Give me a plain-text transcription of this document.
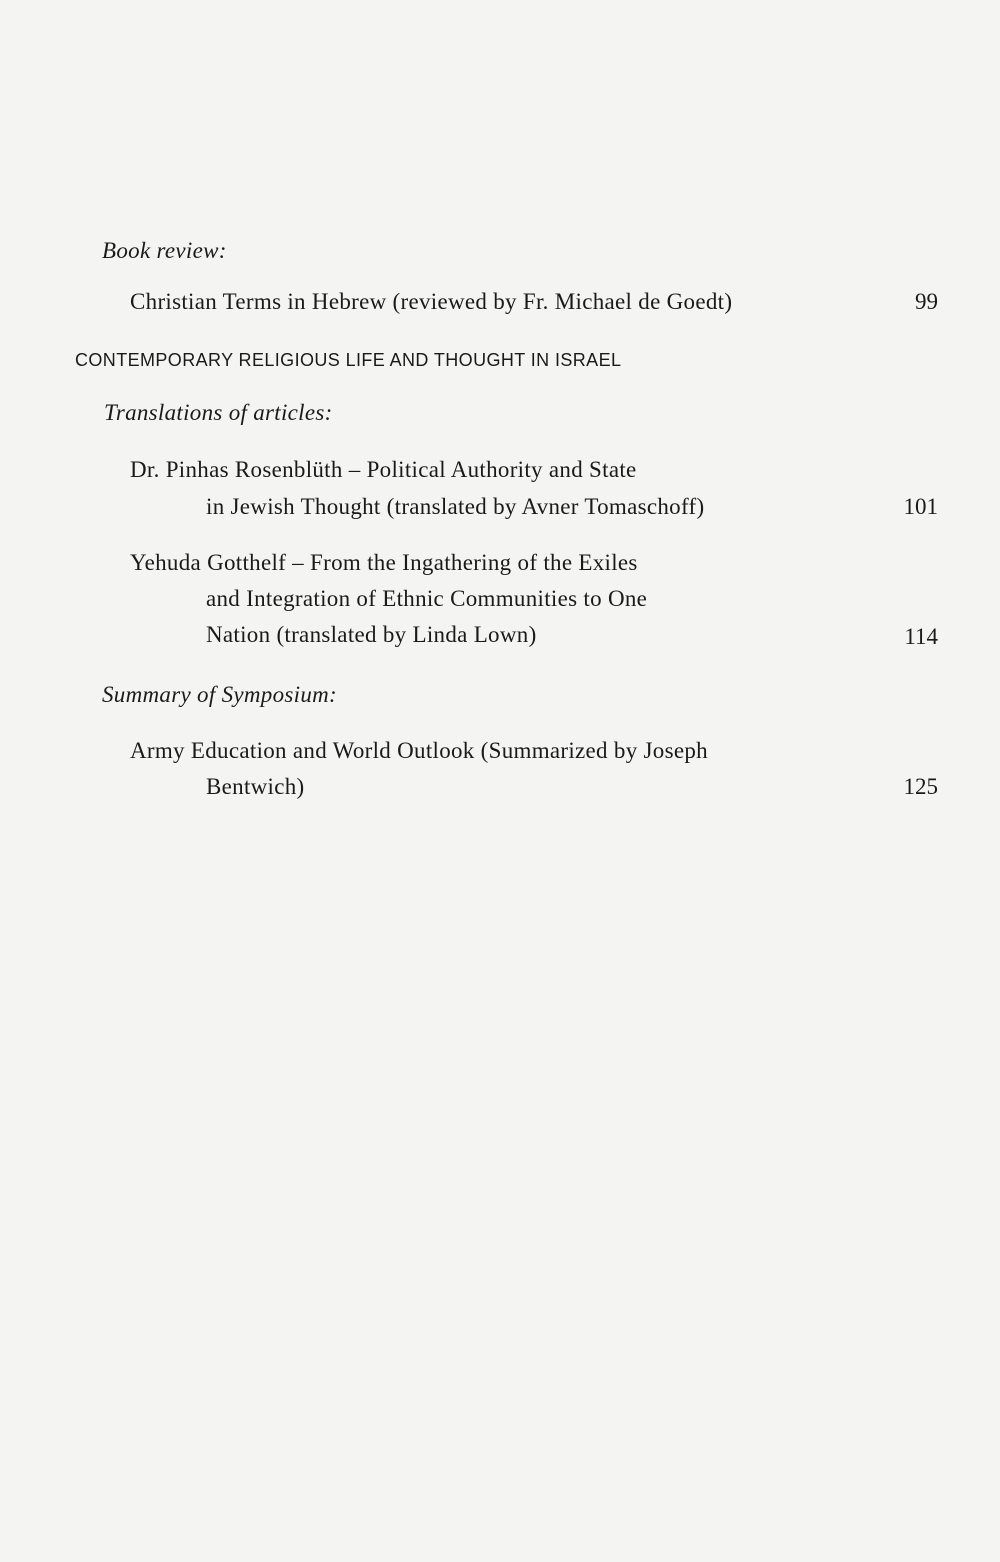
Book review:
Christian Terms in Hebrew (reviewed by Fr. Michael de Goedt)	99
CONTEMPORARY RELIGIOUS LIFE AND THOUGHT IN ISRAEL
Translations of articles:
Dr. Pinhas Rosenblüth – Political Authority and State
in Jewish Thought (translated by Avner Tomaschoff)	101
Yehuda Gotthelf – From the Ingathering of the Exiles
and Integration of Ethnic Communities to One
Nation (translated by Linda Lown)	114
Summary of Symposium:
Army Education and World Outlook (Summarized by Joseph
Bentwich)	125
